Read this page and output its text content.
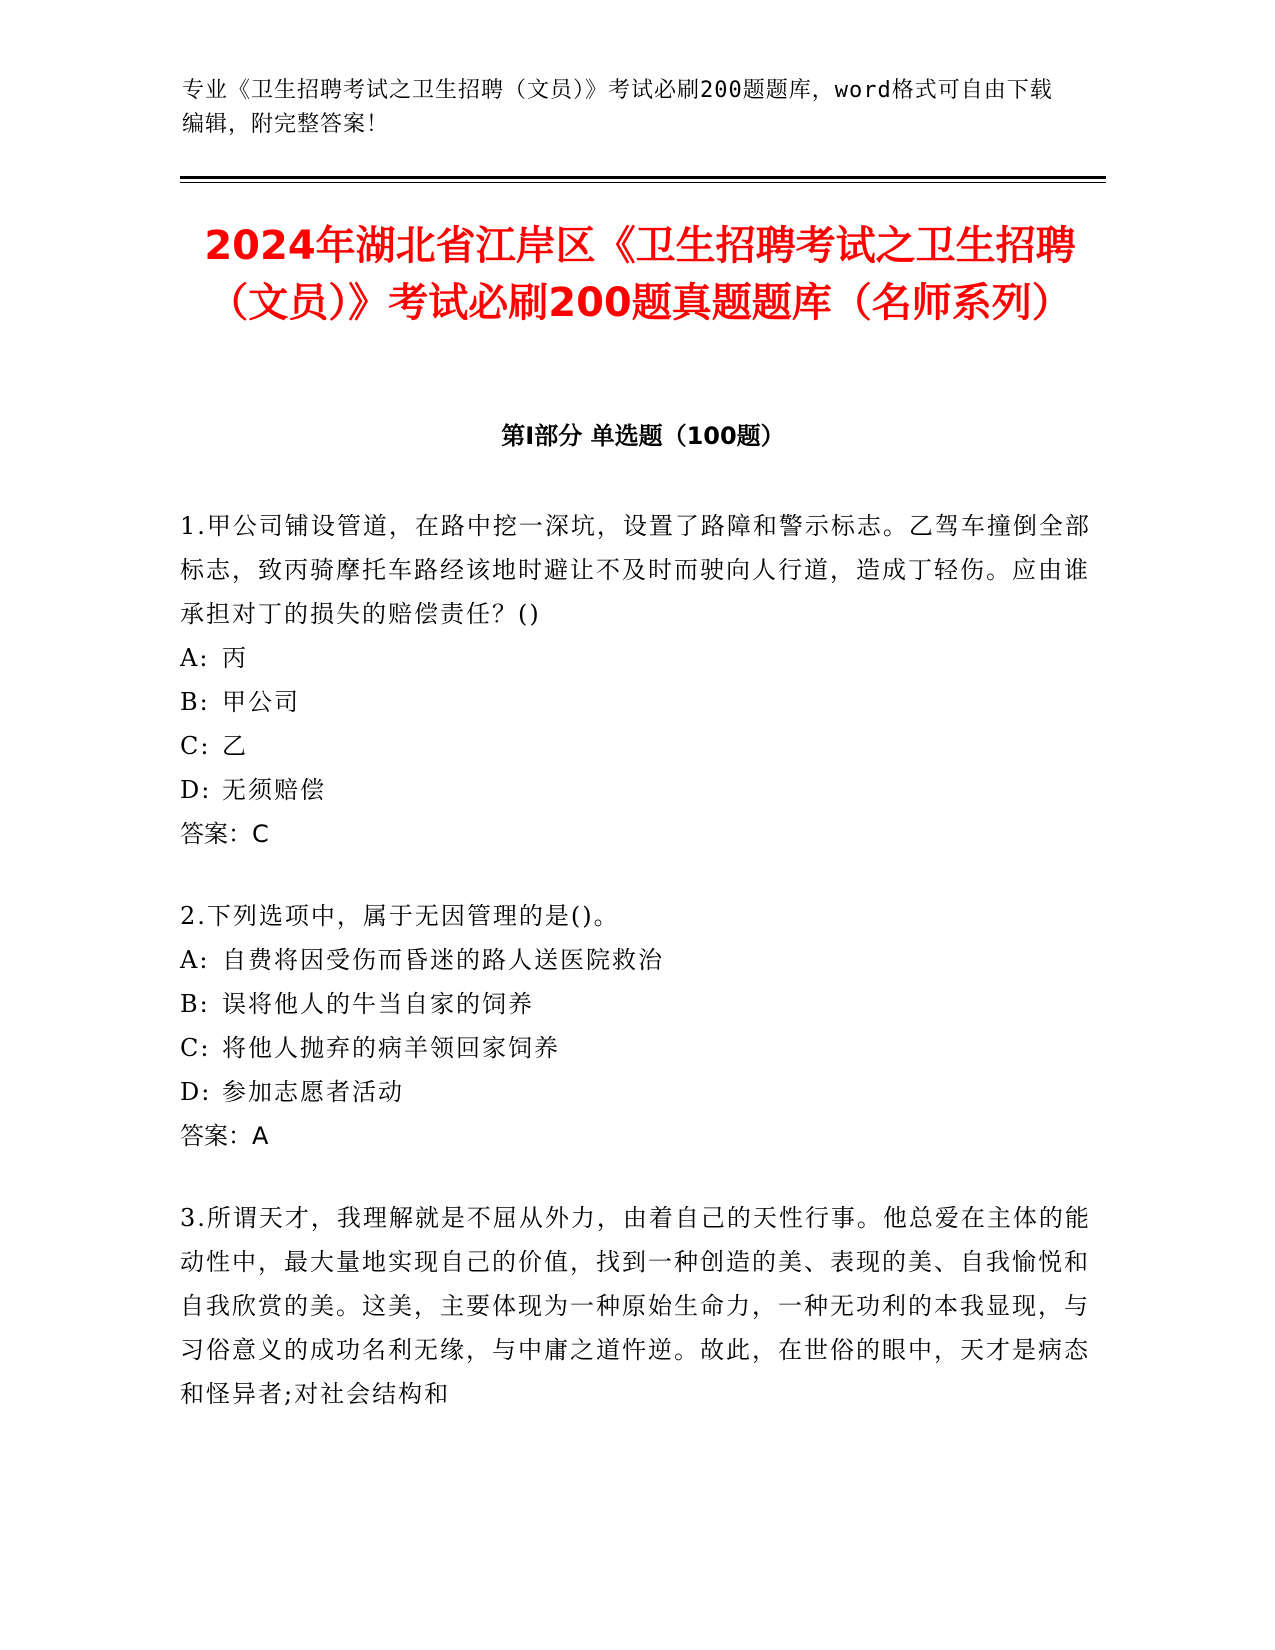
专业《卫生招聘考试之卫生招聘（文员）》考试必刷200题题库，word格式可自由下载编辑，附完整答案！
2024年湖北省江岸区《卫生招聘考试之卫生招聘（文员）》考试必刷200题真题题库（名师系列）
第Ⅰ部分 单选题（100题）
1.甲公司铺设管道，在路中挖一深坑，设置了路障和警示标志。乙驾车撞倒全部标志，致丙骑摩托车路经该地时避让不及时而驶向人行道，造成丁轻伤。应由谁承担对丁的损失的赔偿责任？()
A: 丙
B: 甲公司
C: 乙
D: 无须赔偿
答案：C
2.下列选项中，属于无因管理的是()。
A: 自费将因受伤而昏迷的路人送医院救治
B: 误将他人的牛当自家的饲养
C: 将他人抛弃的病羊领回家饲养
D: 参加志愿者活动
答案：A
3.所谓天才，我理解就是不屈从外力，由着自己的天性行事。他总爱在主体的能动性中，最大量地实现自己的价值，找到一种创造的美、表现的美、自我愉悦和自我欣赏的美。这美，主要体现为一种原始生命力，一种无功利的本我显现，与习俗意义的成功名利无缘，与中庸之道忤逆。故此，在世俗的眼中，天才是病态和怪异者;对社会结构和
